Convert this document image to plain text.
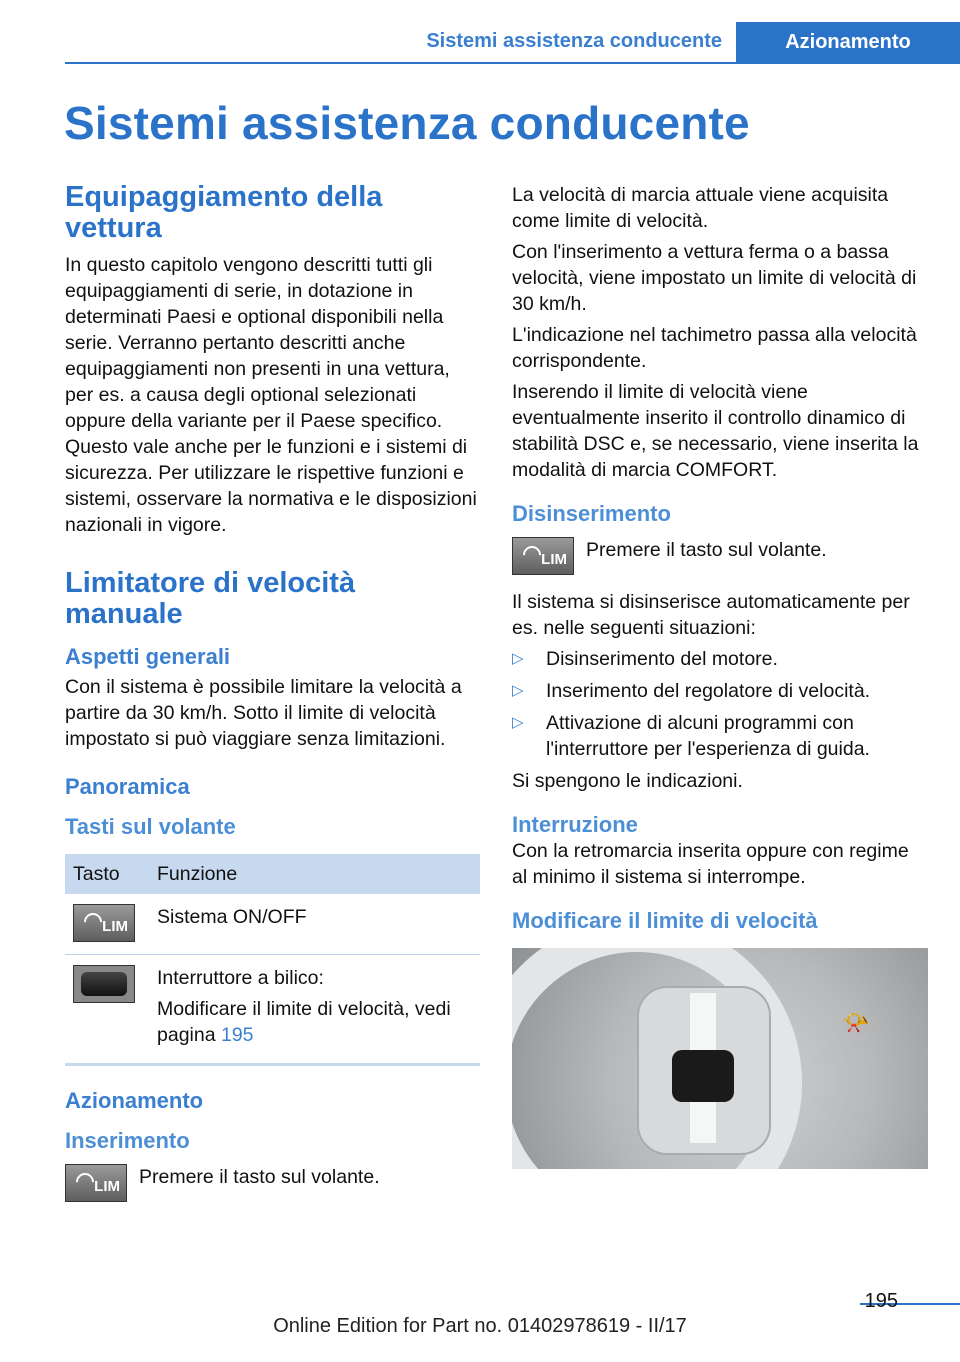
Sistemi assistenza conducente	Azionamento
Sistemi assistenza conducente
Equipaggiamento della vettura

In questo capitolo vengono descritti tutti gli equipaggiamenti di serie, in dotazione in determinati Paesi e optional disponibili nella serie. Verranno pertanto descritti anche equipaggiamenti non presenti in una vettura, per es. a causa degli optional selezionati oppure della variante per il Paese specifico. Questo vale anche per le funzioni e i sistemi di sicurezza. Per utilizzare le rispettive funzioni e sistemi, osservare la normativa e le disposizioni nazionali in vigore.

Limitatore di velocità manuale
Aspetti generali

Con il sistema è possibile limitare la velocità a partire da 30 km/h. Sotto il limite di velocità impostato si può viaggiare senza limitazioni.

Panoramica
Tasti sul volante
Tasto	Funzione

LIM	Sistema ON/OFF

	Interruttore a bilico:

Modificare il limite di velocità, vedi pagina 195

Azionamento
Inserimento
LIM Premere il tasto sul volante.

La velocità di marcia attuale viene acquisita come limite di velocità.

Con l'inserimento a vettura ferma o a bassa velocità, viene impostato un limite di velocità di 30 km/h.

L'indicazione nel tachimetro passa alla velocità corrispondente.

Inserendo il limite di velocità viene eventualmente inserito il controllo dinamico di stabilità DSC e, se necessario, viene inserita la modalità di marcia COMFORT.

Disinserimento
LIM Premere il tasto sul volante.

Il sistema si disinserisce automaticamente per es. nelle seguenti situazioni:

▷ Disinserimento del motore.
▷ Inserimento del regolatore di velocità.
▷ Attivazione di alcuni programmi con l'interruttore per l'esperienza di guida.

Si spengono le indicazioni.

Interruzione

Con la retromarcia inserita oppure con regime al minimo il sistema si interrompe.

Modificare il limite di velocità
📯
195
Online Edition for Part no. 01402978619 - II/17
